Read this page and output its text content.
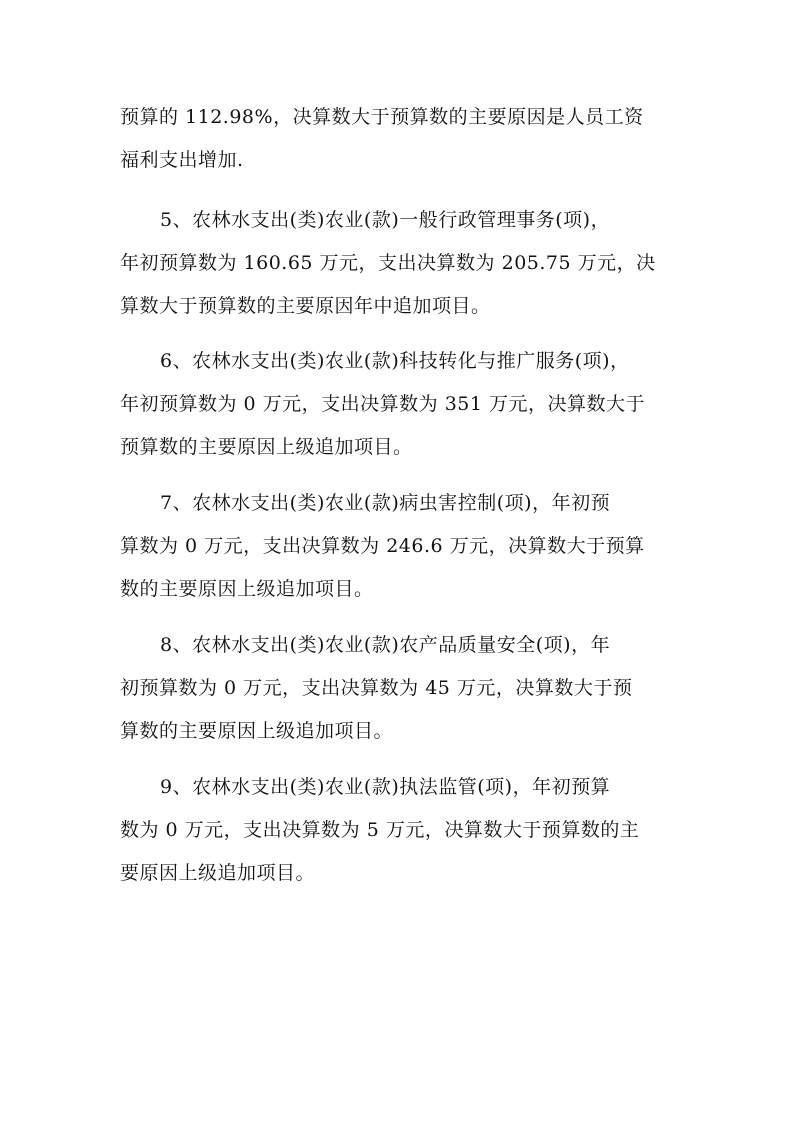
预算的 112.98%，决算数大于预算数的主要原因是人员工资
福利支出增加.
5、农林水支出(类)农业(款)一般行政管理事务(项)，
年初预算数为 160.65 万元，支出决算数为 205.75 万元，决
算数大于预算数的主要原因年中追加项目。
6、农林水支出(类)农业(款)科技转化与推广服务(项)，
年初预算数为 0 万元，支出决算数为 351 万元，决算数大于
预算数的主要原因上级追加项目。
7、农林水支出(类)农业(款)病虫害控制(项)，年初预
算数为 0 万元，支出决算数为 246.6 万元，决算数大于预算
数的主要原因上级追加项目。
8、农林水支出(类)农业(款)农产品质量安全(项)，年
初预算数为 0 万元，支出决算数为 45 万元，决算数大于预
算数的主要原因上级追加项目。
9、农林水支出(类)农业(款)执法监管(项)，年初预算
数为 0 万元，支出决算数为 5 万元，决算数大于预算数的主
要原因上级追加项目。
